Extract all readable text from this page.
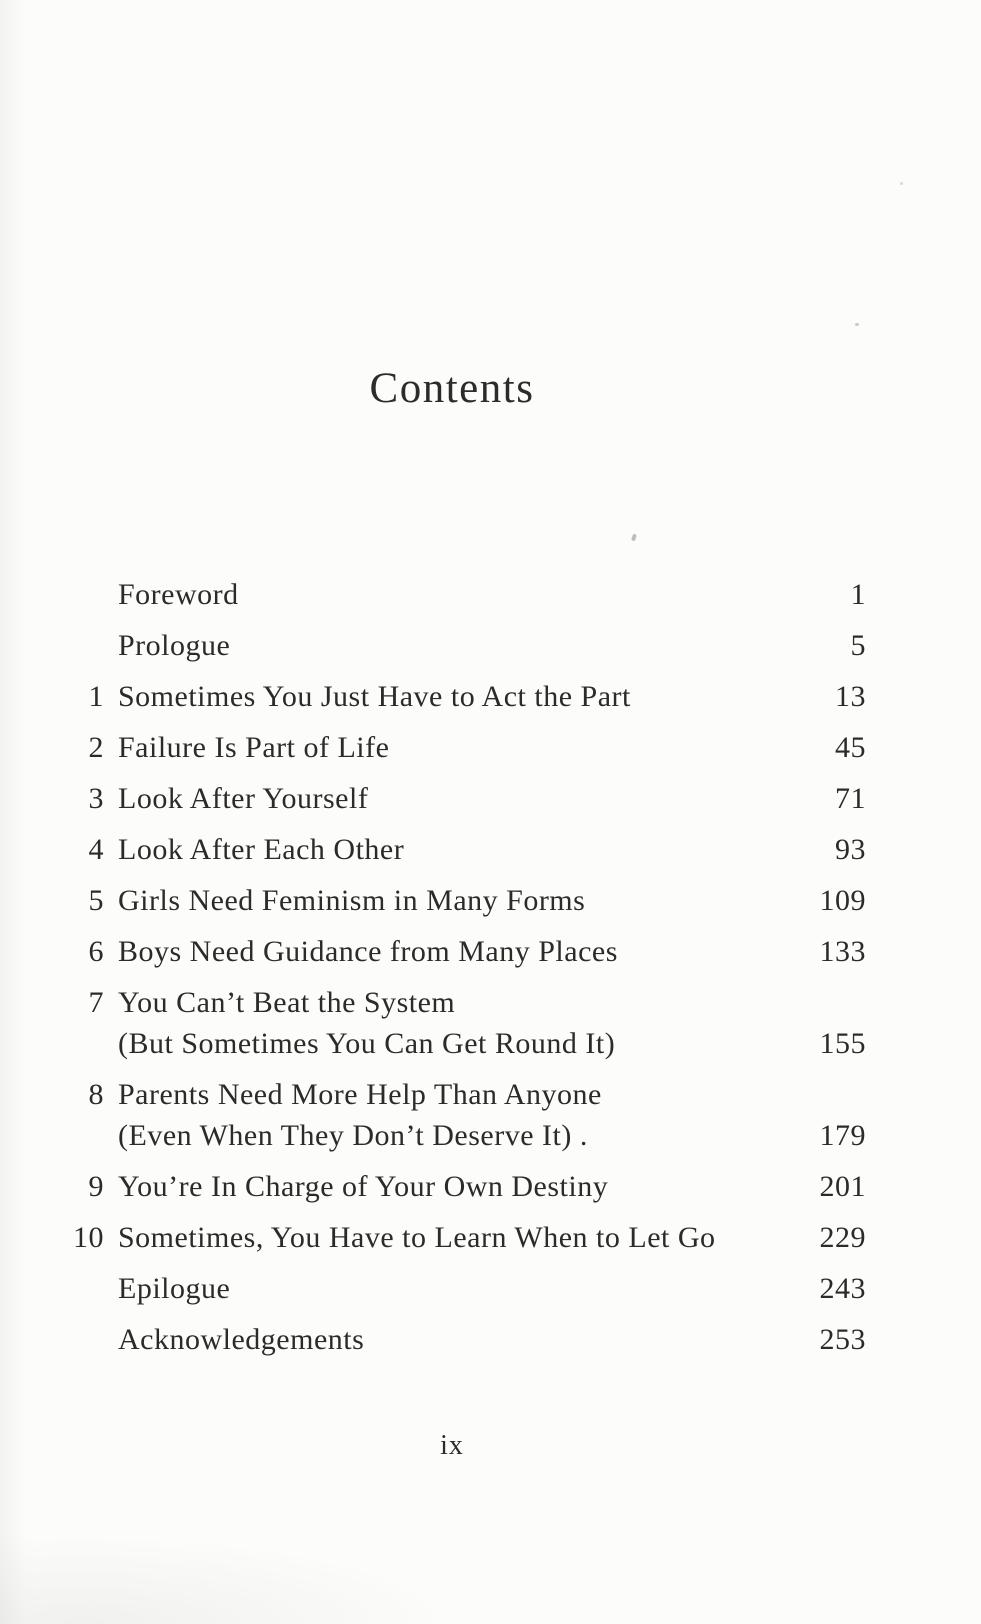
Contents
Foreword	1
Prologue	5
1 Sometimes You Just Have to Act the Part	13
2 Failure Is Part of Life	45
3 Look After Yourself	71
4 Look After Each Other	93
5 Girls Need Feminism in Many Forms	109
6 Boys Need Guidance from Many Places	133
7 You Can’t Beat the System
(But Sometimes You Can Get Round It)	155
8 Parents Need More Help Than Anyone
(Even When They Don’t Deserve It) .	179
9 You’re In Charge of Your Own Destiny	201
10 Sometimes, You Have to Learn When to Let Go	229
Epilogue	243
Acknowledgements	253
ix
